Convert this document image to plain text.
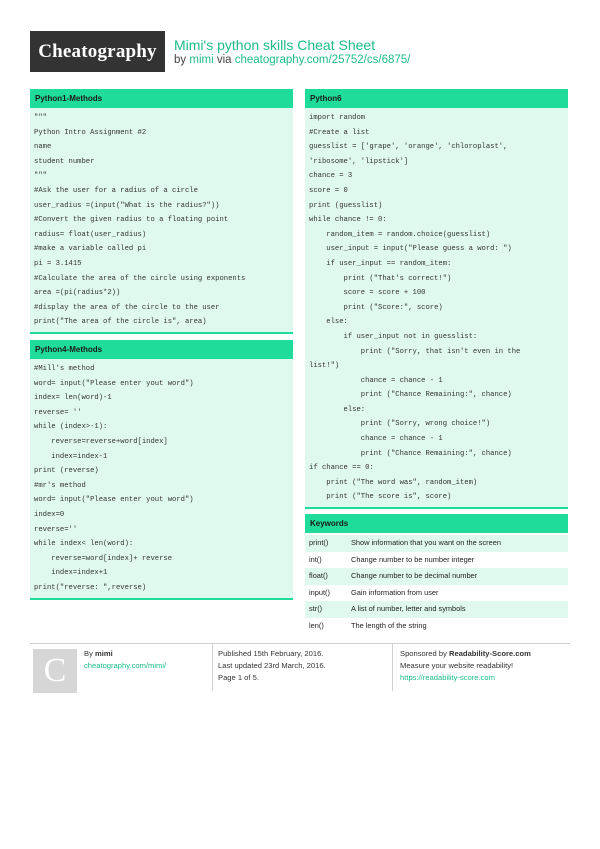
Cheatography	Mimi's python skills Cheat Sheet
by mimi via cheatography.com/25752/cs/6875/
Python1-Methods
"""
Python Intro Assignment #2
name
student number
"""
#Ask the user for a radius of a circle
user_radius =(input("What is the radius?"))
#Convert the given radius to a floating point
radius= float(user_radius)
#make a variable called pi
pi = 3.1415
#Calculate the area of the circle using exponents
area =(pi(radius*2))
#display the area of the circle to the user
print("The area of the circle is", area)
Python4-Methods
#Mill's method
word= input("Please enter yout word")
index= len(word)-1
reverse= ''
while (index>-1):
reverse=reverse+word[index]
index=index-1
print (reverse)
#mr's method
word= input("Please enter yout word")
index=0
reverse=''
while index< len(word):
reverse=word[index]+ reverse
index=index+1
print("reverse: ",reverse)
Python6
import random
#Create a list
guesslist = ['grape', 'orange', 'chloroplast',
'ribosome', 'lipstick']
chance = 3
score = 0
print (guesslist)
while chance != 0:
random_item = random.choice(guesslist)
user_input = input("Please guess a word: ")
if user_input == random_item:
print ("That's correct!")
score = score + 100
print ("Score:", score)
else:
if user_input not in guesslist:
print ("Sorry, that isn't even in the
list!")
chance = chance - 1
print ("Chance Remaining:", chance)
else:
print ("Sorry, wrong choice!")
chance = chance - 1
print ("Chance Remaining:", chance)
if chance == 0:
print ("The word was", random_item)
print ("The score is", score)
Keywords
print()	Show information that you want on the screen
int()	Change number to be number integer
float()	Change number to be decimal number
input()	Gain information from user
str()	A list of number, letter and symbols
len()	The length of the string
C	By mimi
cheatography.com/mimi/
Published 15th February, 2016.
Last updated 23rd March, 2016.
Page 1 of 5.
Sponsored by Readability-Score.com
Measure your website readability!
https://readability-score.com
